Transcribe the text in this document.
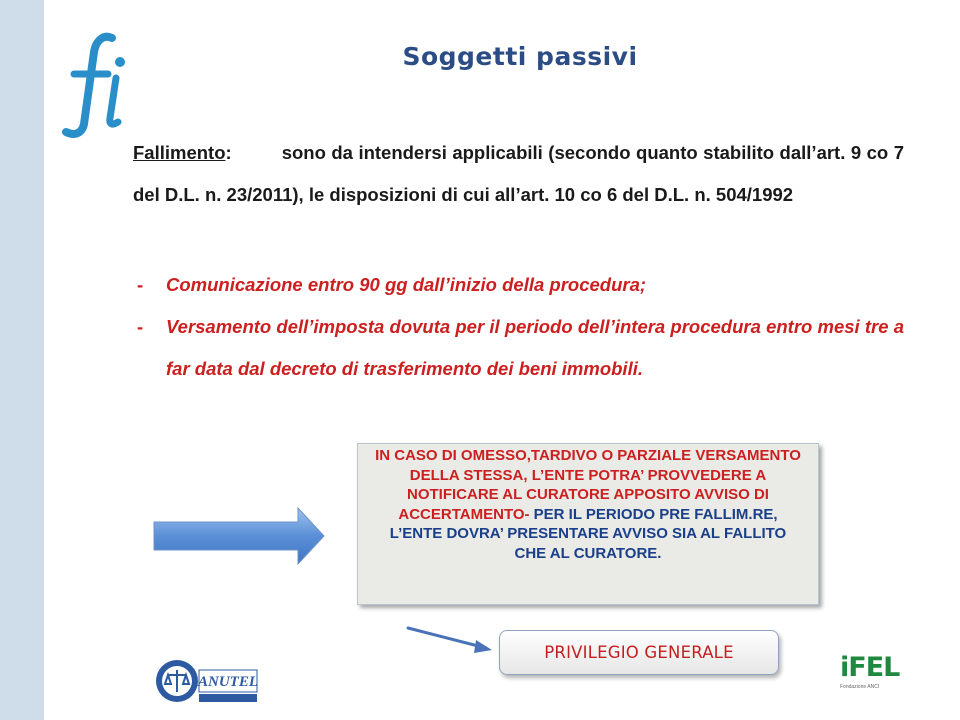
Soggetti passivi
Fallimento:	sono da intendersi applicabili (secondo quanto stabilito dall’art. 9 co 7 del D.L. n. 23/2011), le disposizioni di cui all’art. 10 co 6 del D.L. n. 504/1992
- Comunicazione entro 90 gg dall’inizio della procedura;
- Versamento dell’imposta dovuta per il periodo dell’intera procedura entro mesi tre a far data dal decreto di trasferimento dei beni immobili.
IN CASO DI OMESSO,TARDIVO O PARZIALE VERSAMENTO DELLA STESSA, L’ENTE POTRA’ PROVVEDERE A NOTIFICARE AL CURATORE APPOSITO AVVISO DI ACCERTAMENTO- PER IL PERIODO PRE FALLIM.RE, L’ENTE DOVRA’ PRESENTARE AVVISO SIA AL FALLITO CHE AL CURATORE.
PRIVILEGIO GENERALE
ANUTEL	iFEL
Fondazione ANCI
